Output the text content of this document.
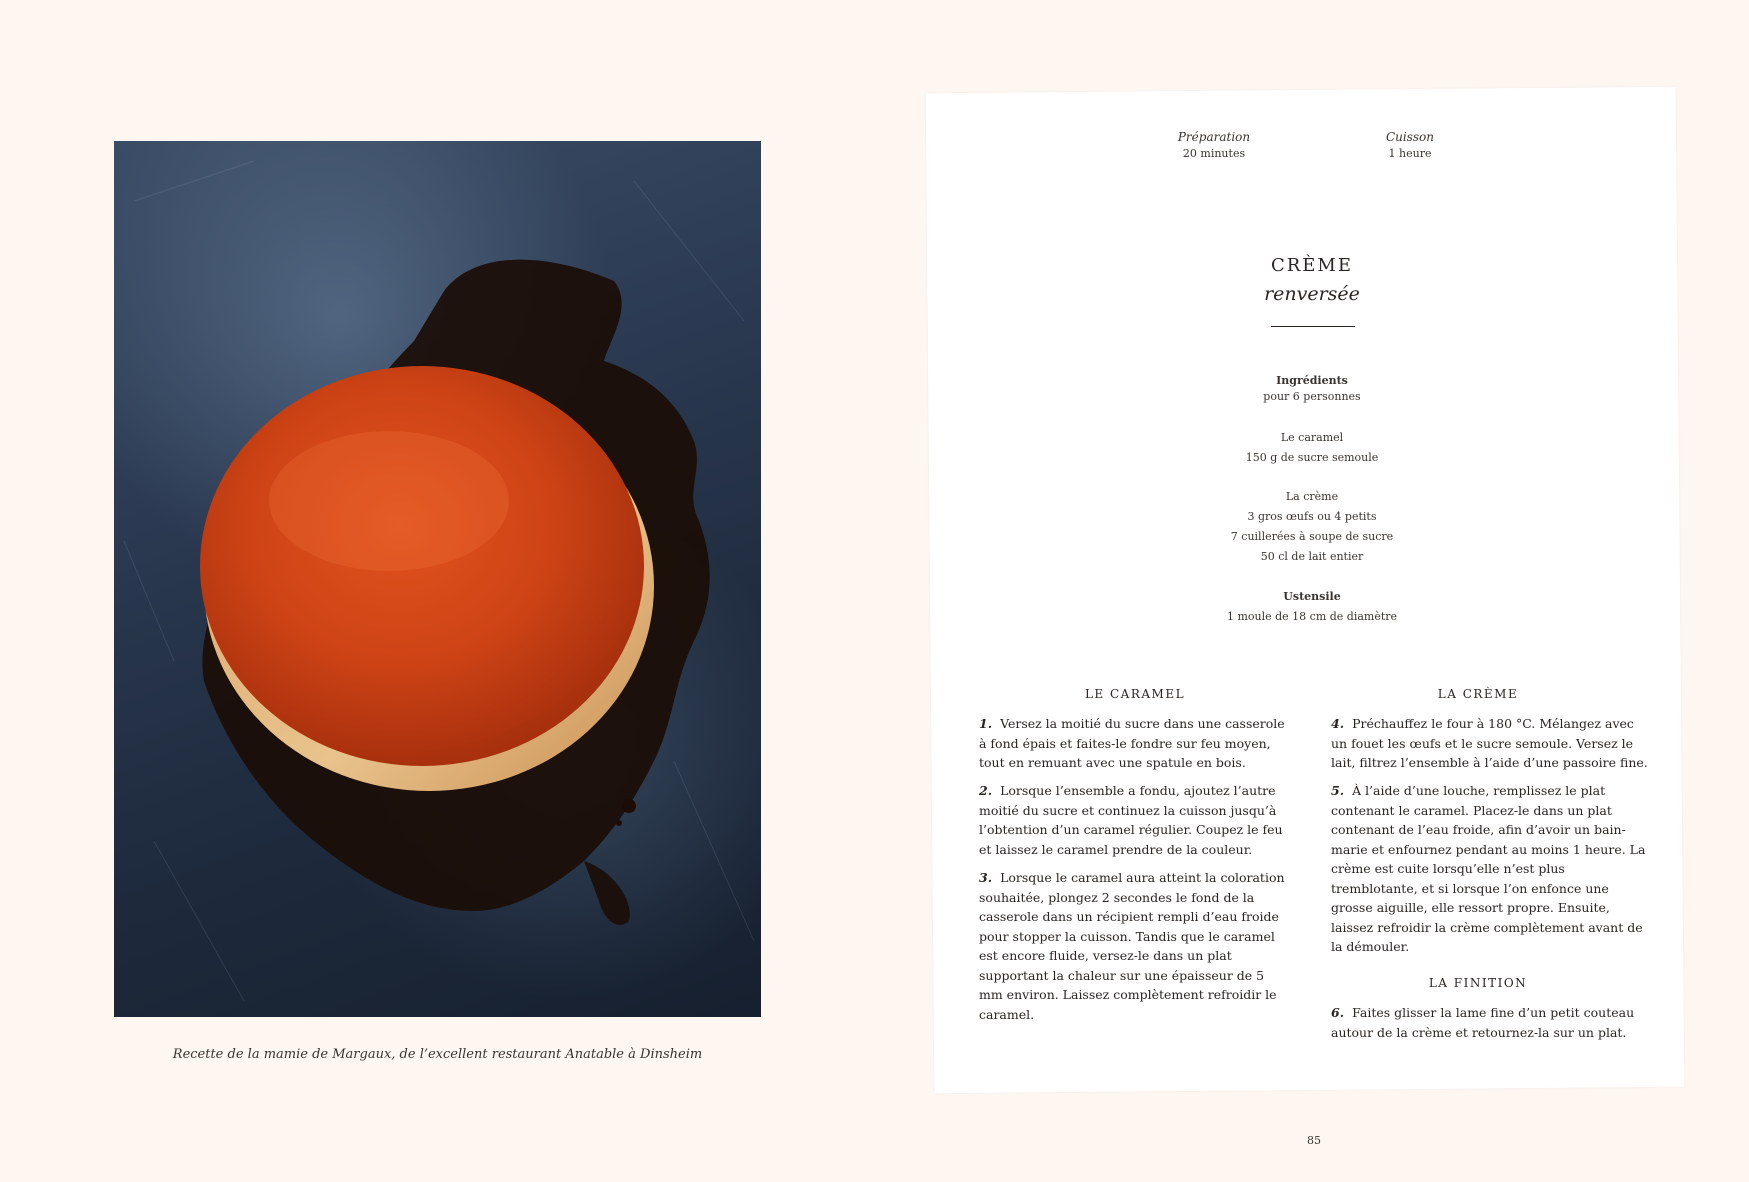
Recette de la mamie de Margaux, de l’excellent restaurant Anatable à Dinsheim
Préparation
20 minutes
Cuisson
1 heure
CRÈME
renversée
Ingrédients
pour 6 personnes
Le caramel
150 g de sucre semoule
La crème
3 gros œufs ou 4 petits
7 cuillerées à soupe de sucre
50 cl de lait entier
Ustensile
1 moule de 18 cm de diamètre
LE CARAMEL
1. Versez la moitié du sucre dans une casserole à fond épais et faites-le fondre sur feu moyen, tout en remuant avec une spatule en bois.
2. Lorsque l’ensemble a fondu, ajoutez l’autre moitié du sucre et continuez la cuisson jusqu’à l’obtention d’un caramel régulier. Coupez le feu et laissez le caramel prendre de la couleur.
3. Lorsque le caramel aura atteint la coloration souhaitée, plongez 2 secondes le fond de la casserole dans un récipient rempli d’eau froide pour stopper la cuisson. Tandis que le caramel est encore fluide, versez-le dans un plat supportant la chaleur sur une épaisseur de 5 mm environ. Laissez complètement refroidir le caramel.
LA CRÈME
4. Préchauffez le four à 180 °C. Mélangez avec un fouet les œufs et le sucre semoule. Versez le lait, filtrez l’ensemble à l’aide d’une passoire fine.
5. À l’aide d’une louche, remplissez le plat contenant le caramel. Placez-le dans un plat contenant de l’eau froide, afin d’avoir un bain-marie et enfournez pendant au moins 1 heure. La crème est cuite lorsqu’elle n’est plus tremblotante, et si lorsque l’on enfonce une grosse aiguille, elle ressort propre. Ensuite, laissez refroidir la crème complètement avant de la démouler.
LA FINITION
6. Faites glisser la lame fine d’un petit couteau autour de la crème et retournez-la sur un plat.
85
